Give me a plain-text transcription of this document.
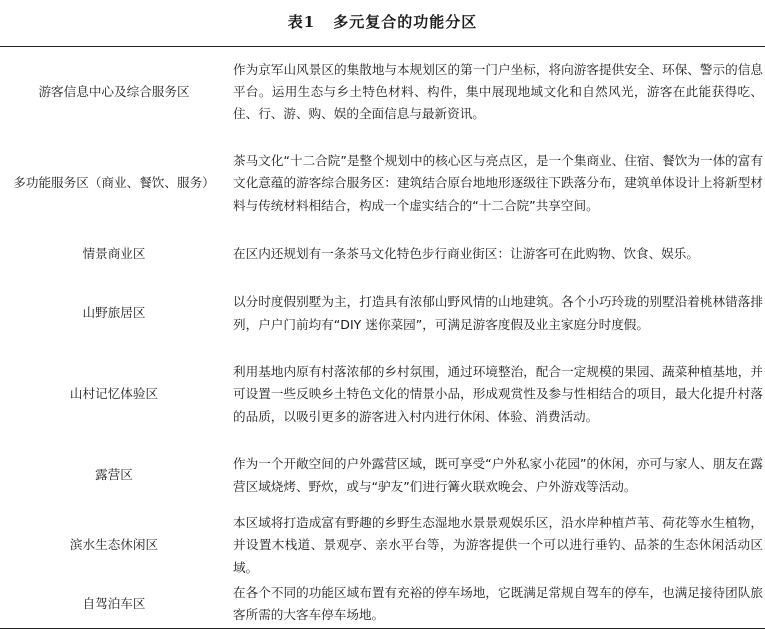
表1 多元复合的功能分区
游客信息中心及综合服务区	作为京军山风景区的集散地与本规划区的第一门户坐标，将向游客提供安全、环保、警示的信息平台。运用生态与乡土特色材料、构件，集中展现地域文化和自然风光，游客在此能获得吃、住、行、游、购、娱的全面信息与最新资讯。
多功能服务区（商业、餐饮、服务）	茶马文化“十二合院”是整个规划中的核心区与亮点区，是一个集商业、住宿、餐饮为一体的富有文化意蕴的游客综合服务区：建筑结合原台地地形逐级往下跌落分布，建筑单体设计上将新型材料与传统材料相结合，构成一个虚实结合的“十二合院”共享空间。
情景商业区	在区内还规划有一条茶马文化特色步行商业街区：让游客可在此购物、饮食、娱乐。
山野旅居区	以分时度假别墅为主，打造具有浓郁山野风情的山地建筑。各个小巧玲珑的别墅沿着桃林错落排列，户户门前均有“DIY 迷你菜园”，可满足游客度假及业主家庭分时度假。
山村记忆体验区	利用基地内原有村落浓郁的乡村氛围，通过环境整治，配合一定规模的果园、蔬菜种植基地，并可设置一些反映乡土特色文化的情景小品，形成观赏性及参与性相结合的项目，最大化提升村落的品质，以吸引更多的游客进入村内进行休闲、体验、消费活动。
露营区	作为一个开敞空间的户外露营区域，既可享受“户外私家小花园”的休闲，亦可与家人、朋友在露营区域烧烤、野炊，或与“驴友”们进行篝火联欢晚会、户外游戏等活动。
滨水生态休闲区	本区域将打造成富有野趣的乡野生态湿地水景景观娱乐区，沿水岸种植芦苇、荷花等水生植物，并设置木栈道、景观亭、亲水平台等，为游客提供一个可以进行垂钓、品茶的生态休闲活动区域。
自驾泊车区	在各个不同的功能区域布置有充裕的停车场地，它既满足常规自驾车的停车，也满足接待团队旅客所需的大客车停车场地。
